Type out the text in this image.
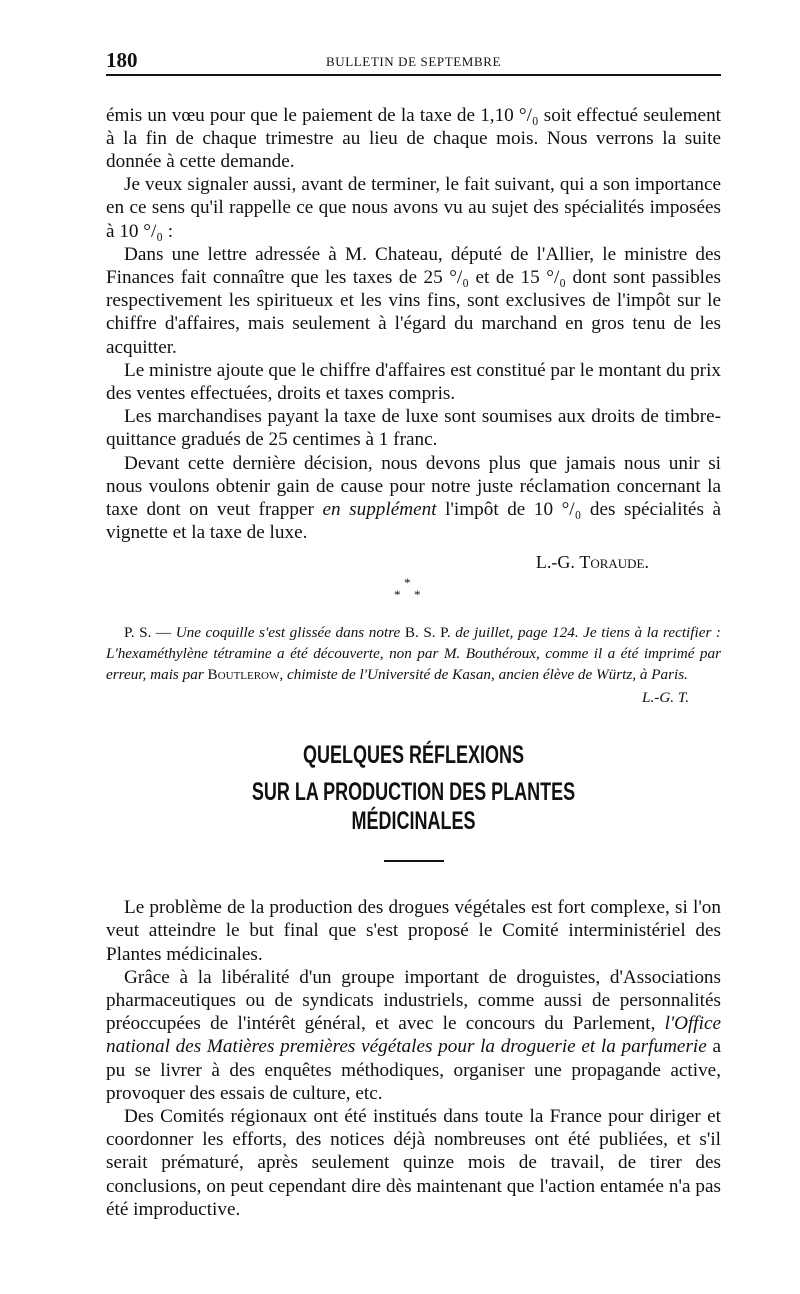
180	BULLETIN DE SEPTEMBRE

émis un vœu pour que le paiement de la taxe de 1,10 °/₀ soit effectué seulement à la fin de chaque trimestre au lieu de chaque mois. Nous verrons la suite donnée à cette demande.

Je veux signaler aussi, avant de terminer, le fait suivant, qui a son importance en ce sens qu'il rappelle ce que nous avons vu au sujet des spécialités imposées à 10 °/₀ :

Dans une lettre adressée à M. Chateau, député de l'Allier, le ministre des Finances fait connaître que les taxes de 25 °/₀ et de 15 °/₀ dont sont passibles respectivement les spiritueux et les vins fins, sont exclusives de l'impôt sur le chiffre d'affaires, mais seulement à l'égard du marchand en gros tenu de les acquitter.

Le ministre ajoute que le chiffre d'affaires est constitué par le montant du prix des ventes effectuées, droits et taxes compris.

Les marchandises payant la taxe de luxe sont soumises aux droits de timbre-quittance gradués de 25 centimes à 1 franc.

Devant cette dernière décision, nous devons plus que jamais nous unir si nous voulons obtenir gain de cause pour notre juste réclamation concernant la taxe dont on veut frapper en supplément l'impôt de 10 °/₀ des spécialités à vignette et la taxe de luxe.

L.-G. Toraude.
*
* *

P. S. — Une coquille s'est glissée dans notre B. S. P. de juillet, page 124. Je tiens à la rectifier : L'hexaméthylène tétramine a été découverte, non par M. Bouthéroux, comme il a été imprimé par erreur, mais par Boutlerow, chimiste de l'Université de Kasan, ancien élève de Würtz, à Paris.

L.-G. T.
QUELQUES RÉFLEXIONS
SUR LA PRODUCTION DES PLANTES MÉDICINALES

Le problème de la production des drogues végétales est fort complexe, si l'on veut atteindre le but final que s'est proposé le Comité interministériel des Plantes médicinales.

Grâce à la libéralité d'un groupe important de droguistes, d'Associations pharmaceutiques ou de syndicats industriels, comme aussi de personnalités préoccupées de l'intérêt général, et avec le concours du Parlement, l'Office national des Matières premières végétales pour la droguerie et la parfumerie a pu se livrer à des enquêtes méthodiques, organiser une propagande active, provoquer des essais de culture, etc.

Des Comités régionaux ont été institués dans toute la France pour diriger et coordonner les efforts, des notices déjà nombreuses ont été publiées, et s'il serait prématuré, après seulement quinze mois de travail, de tirer des conclusions, on peut cependant dire dès maintenant que l'action entamée n'a pas été improductive.
